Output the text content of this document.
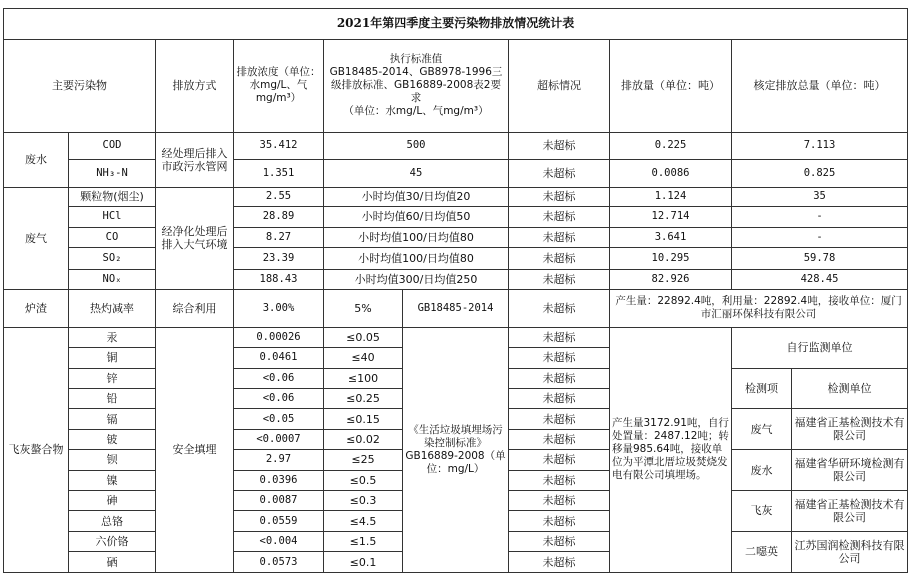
2021年第四季度主要污染物排放情况统计表									
主要污染物		排放方式	排放浓度（单位：水mg/L、气mg/m³）	执行标准值
GB18485-2014、GB8978-1996三级排放标准、GB16889-2008表2要求
（单位：水mg/L、气mg/m³）		超标情况	排放量（单位：吨）	核定排放总量（单位：吨）	
废水	COD	经处理后排入市政污水管网	35.412	500		未超标	0.225	7.113	
	NH₃-N		1.351	45		未超标	0.0086	0.825	
废气	颗粒物(烟尘)	经净化处理后排入大气环境	2.55	小时均值30/日均值20		未超标	1.124	35	
	HCl		28.89	小时均值60/日均值50		未超标	12.714	-	
	CO		8.27	小时均值100/日均值80		未超标	3.641	-	
	SO₂		23.39	小时均值100/日均值80		未超标	10.295	59.78	
	NOₓ		188.43	小时均值300/日均值250		未超标	82.926	428.45	
炉渣	热灼减率	综合利用	3.00%	5%	GB18485-2014	未超标	产生量：22892.4吨，利用量：22892.4吨，接收单位：厦门市汇丽环保科技有限公司		
飞灰螯合物	汞	安全填埋	0.00026	≤0.05	《生活垃圾填埋场污染控制标准》GB16889-2008（单位：mg/L）	未超标	产生量3172.91吨，自行处置量：2487.12吨；转移量985.64吨，接收单位为平潭北厝垃圾焚烧发电有限公司填埋场。	自行监测单位	
	铜		0.0461	≤40		未超标			
	锌		<0.06	≤100		未超标		检测项	检测单位
	铅		<0.06	≤0.25		未超标			
	镉		<0.05	≤0.15		未超标		废气	福建省正基检测技术有限公司
	铍		<0.0007	≤0.02		未超标			
	钡		2.97	≤25		未超标		废水	福建省华研环境检测有限公司
	镍		0.0396	≤0.5		未超标			
	砷		0.0087	≤0.3		未超标		飞灰	福建省正基检测技术有限公司
	总铬		0.0559	≤4.5		未超标			
	六价铬		<0.004	≤1.5		未超标		二噁英	江苏国润检测科技有限公司
	硒		0.0573	≤0.1		未超标			
